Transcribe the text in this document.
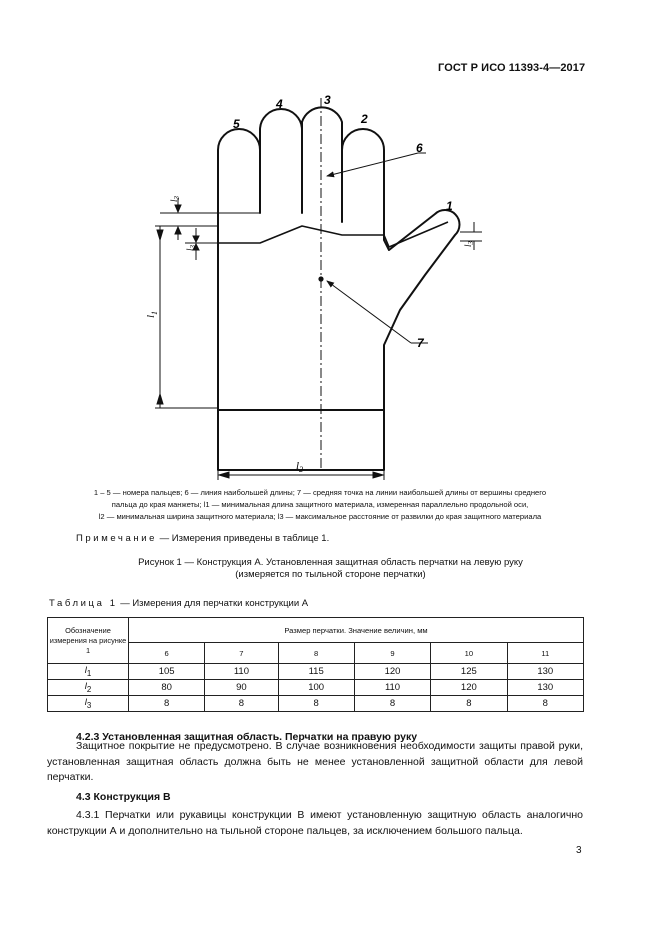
ГОСТ Р ИСО 11393-4—2017
1
2
3
4
5
6
7
$l_1$
$l_2$
$l_3$
$l_3$	$l_3$
1 – 5 — номера пальцев; 6 — линия наибольшей длины; 7 — средняя точка на линии наибольшей длины от вершины среднего
пальца до края манжеты; l1 — минимальная длина защитного материала, измеренная параллельно продольной оси,
l2 — минимальная ширина защитного материала; l3 — максимальное расстояние от развилки до края защитного материала
Примечание — Измерения приведены в таблице 1.
Рисунок 1 — Конструкция А. Установленная защитная область перчатки на левую руку
(измеряется по тыльной стороне перчатки)
Таблица 1 — Измерения для перчатки конструкции А
Обозначение измерения на рисунке 1	Размер перчатки. Значение величин, мм					
	6	7	8	9	10	11
$l_1$	105	110	115	120	125	130
$l_2$	80	90	100	110	120	130
$l_3$	8	8	8	8	8	8
4.2.3 Установленная защитная область. Перчатки на правую руку
Защитное покрытие не предусмотрено. В случае возникновения необходимости защиты правой руки, установленная защитная область должна быть не менее установленной защитной области для левой перчатки.
4.3 Конструкция В
4.3.1 Перчатки или рукавицы конструкции В имеют установленную защитную область аналогично конструкции А и дополнительно на тыльной стороне пальцев, за исключением большого пальца.
3
